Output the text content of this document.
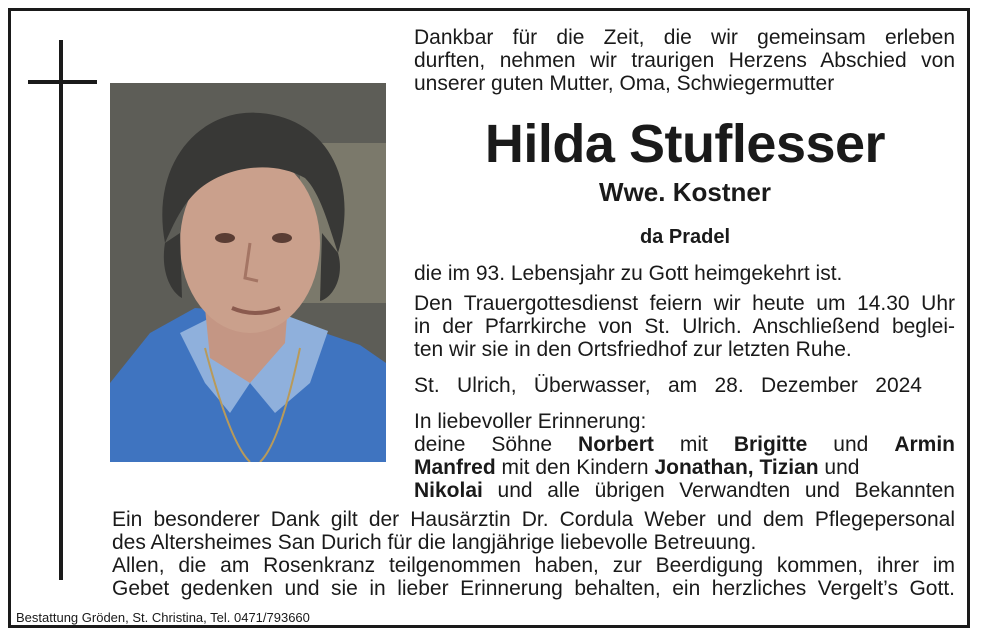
Dankbar für die Zeit, die wir gemeinsam erleben
durften, nehmen wir traurigen Herzens Abschied von
unserer guten Mutter, Oma, Schwiegermutter
Hilda Stuflesser
Wwe. Kostner
da Pradel
die im 93. Lebensjahr zu Gott heimgekehrt ist.
Den Trauergottesdienst feiern wir heute um 14.30 Uhr
in der Pfarrkirche von St. Ulrich. Anschließend beglei-
ten wir sie in den Ortsfriedhof zur letzten Ruhe.
St. Ulrich, Überwasser, am 28. Dezember 2024
In liebevoller Erinnerung:
deine Söhne Norbert mit Brigitte und Armin
Manfred mit den Kindern Jonathan, Tizian und
Nikolai und alle übrigen Verwandten und Bekannten
Ein besonderer Dank gilt der Hausärztin Dr. Cordula Weber und dem Pflegepersonal
des Altersheimes San Durich für die langjährige liebevolle Betreuung.
Allen, die am Rosenkranz teilgenommen haben, zur Beerdigung kommen, ihrer im
Gebet gedenken und sie in lieber Erinnerung behalten, ein herzliches Vergelt’s Gott.
Bestattung Gröden, St. Christina, Tel. 0471/793660
